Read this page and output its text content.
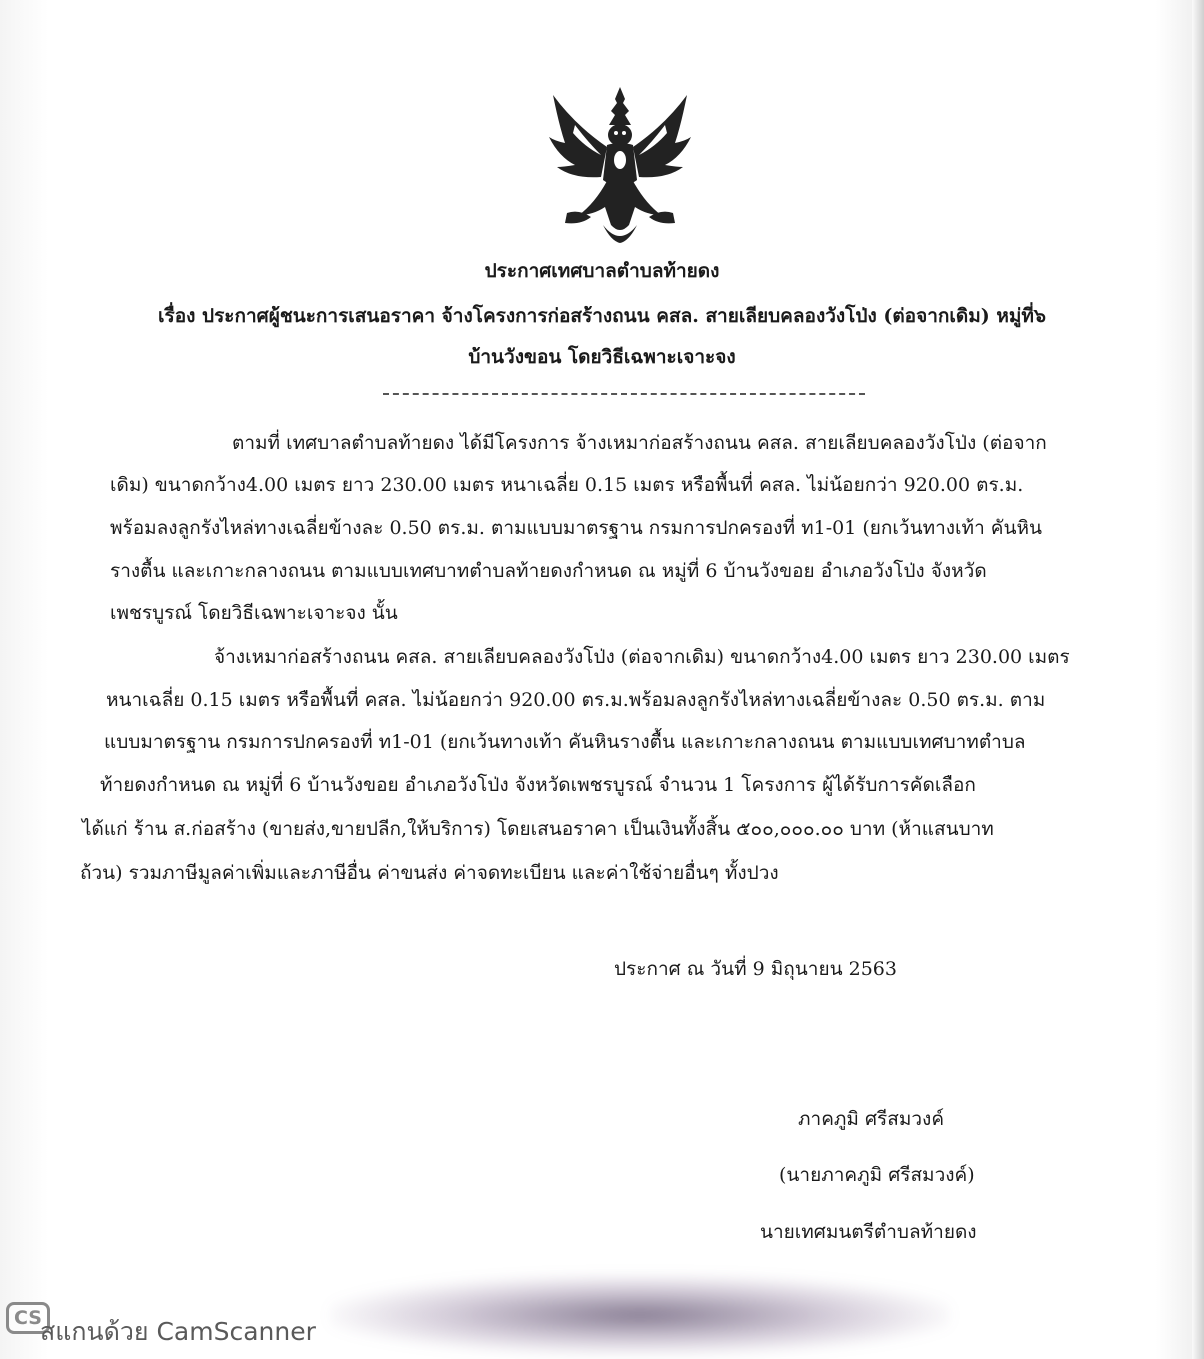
ประกาศเทศบาลตำบลท้ายดง
เรื่อง ประกาศผู้ชนะการเสนอราคา จ้างโครงการก่อสร้างถนน คสล. สายเลียบคลองวังโป่ง (ต่อจากเดิม) หมู่ที่๖
บ้านวังขอน โดยวิธีเฉพาะเจาะจง
ตามที่ เทศบาลตำบลท้ายดง ได้มีโครงการ จ้างเหมาก่อสร้างถนน คสล. สายเลียบคลองวังโป่ง (ต่อจาก
เดิม) ขนาดกว้าง4.00 เมตร ยาว 230.00 เมตร หนาเฉลี่ย 0.15 เมตร หรือพื้นที่ คสล. ไม่น้อยกว่า 920.00 ตร.ม.
พร้อมลงลูกรังไหล่ทางเฉลี่ยข้างละ 0.50 ตร.ม. ตามแบบมาตรฐาน กรมการปกครองที่ ท1-01 (ยกเว้นทางเท้า คันหิน
รางตื้น และเกาะกลางถนน ตามแบบเทศบาทตำบลท้ายดงกำหนด ณ หมู่ที่ 6 บ้านวังขอย อำเภอวังโป่ง จังหวัด
เพชรบูรณ์ โดยวิธีเฉพาะเจาะจง นั้น
จ้างเหมาก่อสร้างถนน คสล. สายเลียบคลองวังโป่ง (ต่อจากเดิม) ขนาดกว้าง4.00 เมตร ยาว 230.00 เมตร
หนาเฉลี่ย 0.15 เมตร หรือพื้นที่ คสล. ไม่น้อยกว่า 920.00 ตร.ม.พร้อมลงลูกรังไหล่ทางเฉลี่ยข้างละ 0.50 ตร.ม. ตาม
แบบมาตรฐาน กรมการปกครองที่ ท1-01 (ยกเว้นทางเท้า คันหินรางตื้น และเกาะกลางถนน ตามแบบเทศบาทตำบล
ท้ายดงกำหนด ณ หมู่ที่ 6 บ้านวังขอย อำเภอวังโป่ง จังหวัดเพชรบูรณ์ จำนวน 1 โครงการ ผู้ได้รับการคัดเลือก
ได้แก่ ร้าน ส.ก่อสร้าง (ขายส่ง,ขายปลีก,ให้บริการ) โดยเสนอราคา เป็นเงินทั้งสิ้น ๕๐๐,๐๐๐.๐๐ บาท (ห้าแสนบาท
ถ้วน) รวมภาษีมูลค่าเพิ่มและภาษีอื่น ค่าขนส่ง ค่าจดทะเบียน และค่าใช้จ่ายอื่นๆ ทั้งปวง
ประกาศ ณ วันที่ 9 มิถุนายน 2563
ภาคภูมิ ศรีสมวงค์
(นายภาคภูมิ ศรีสมวงค์)
นายเทศมนตรีตำบลท้ายดง
CS
สแกนด้วย CamScanner
